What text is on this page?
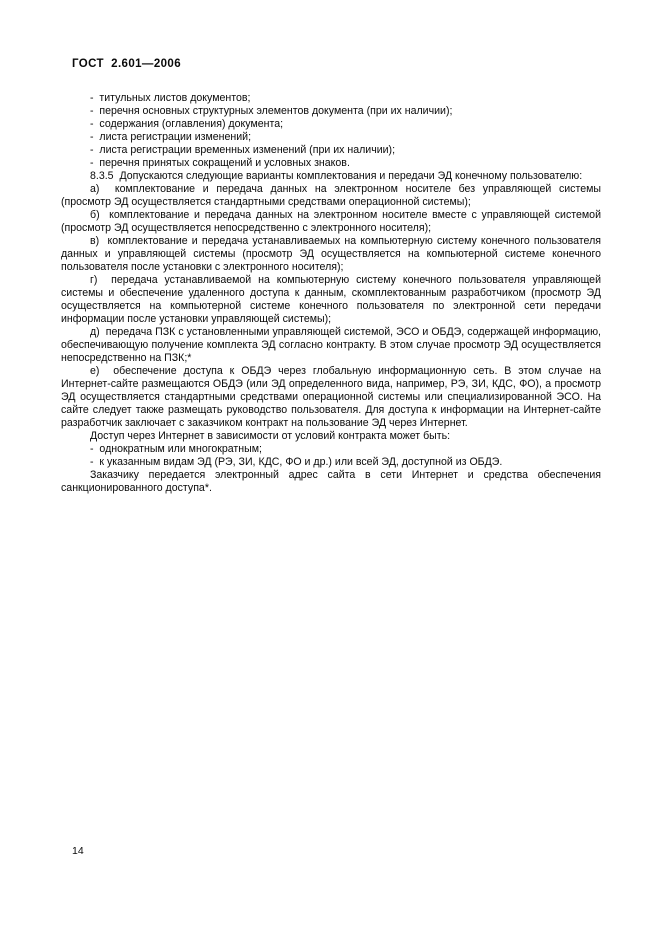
ГОСТ  2.601—2006

-  титульных листов документов;

-  перечня основных структурных элементов документа (при их наличии);

-  содержания (оглавления) документа;

-  листа регистрации изменений;

-  листа регистрации временных изменений (при их наличии);

-  перечня принятых сокращений и условных знаков.

8.3.5  Допускаются следующие варианты комплектования и передачи ЭД конечному пользователю:

а)  комплектование и передача данных на электронном носителе без управляющей системы (просмотр ЭД осуществляется стандартными средствами операционной системы);

б)  комплектование и передача данных на электронном носителе вместе с управляющей системой (просмотр ЭД осуществляется непосредственно с электронного носителя);

в)  комплектование и передача устанавливаемых на компьютерную систему конечного пользователя данных и управляющей системы (просмотр ЭД осуществляется на компьютерной системе конечного пользователя после установки с электронного носителя);

г)  передача устанавливаемой на компьютерную систему конечного пользователя управляющей системы и обеспечение удаленного доступа к данным, скомплектованным разработчиком (просмотр ЭД осуществляется на компьютерной системе конечного пользователя по электронной сети передачи информации после установки управляющей системы);

д)  передача ПЗК с установленными управляющей системой, ЭСО и ОБДЭ, содержащей информацию, обеспечивающую получение комплекта ЭД согласно контракту. В этом случае просмотр ЭД осуществляется непосредственно на ПЗК;*

е)  обеспечение доступа к ОБДЭ через глобальную информационную сеть. В этом случае на Интернет-сайте размещаются ОБДЭ (или ЭД определенного вида, например, РЭ, ЗИ, КДС, ФО), а просмотр ЭД осуществляется стандартными средствами операционной системы или специализированной ЭСО. На сайте следует также размещать руководство пользователя. Для доступа к информации на Интернет-сайте разработчик заключает с заказчиком контракт на пользование ЭД через Интернет.

Доступ через Интернет в зависимости от условий контракта может быть:

-  однократным или многократным;

-  к указанным видам ЭД (РЭ, ЗИ, КДС, ФО и др.) или всей ЭД, доступной из ОБДЭ.

Заказчику передается электронный адрес сайта в сети Интернет и средства обеспечения санкционированного доступа*.

14
